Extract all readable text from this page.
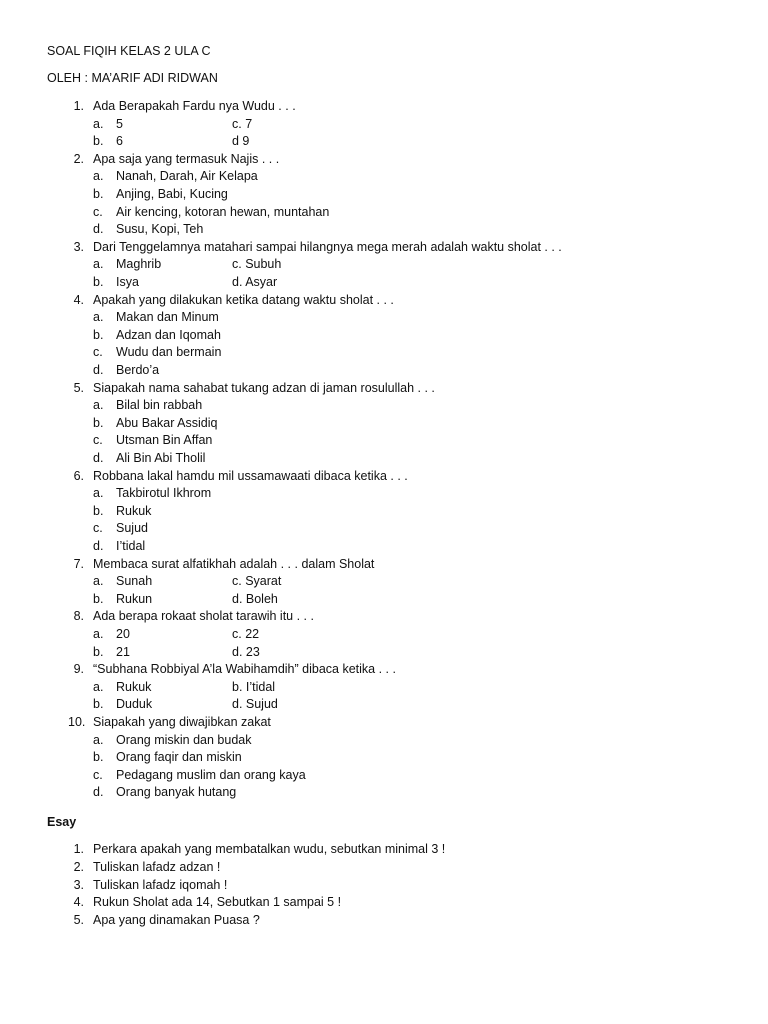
SOAL FIQIH KELAS 2 ULA C
OLEH : MA’ARIF ADI RIDWAN
1. Ada Berapakah Fardu nya Wudu . . .
a. 5	c. 7
b. 6	d 9
2. Apa saja yang termasuk Najis . . .
a. Nanah, Darah, Air Kelapa
b. Anjing, Babi, Kucing
c. Air kencing, kotoran hewan, muntahan
d. Susu, Kopi, Teh
3. Dari Tenggelamnya matahari sampai hilangnya mega merah adalah waktu sholat . . .
a. Maghrib	c. Subuh
b. Isya	d. Asyar
4. Apakah yang dilakukan ketika datang waktu sholat . . .
a. Makan dan Minum
b. Adzan dan Iqomah
c. Wudu dan bermain
d. Berdo’a
5. Siapakah nama sahabat tukang adzan di jaman rosulullah . . .
a. Bilal bin rabbah
b. Abu Bakar Assidiq
c. Utsman Bin Affan
d. Ali Bin Abi Tholil
6. Robbana lakal hamdu mil ussamawaati dibaca ketika . . .
a. Takbirotul Ikhrom
b. Rukuk
c. Sujud
d. I’tidal
7. Membaca surat alfatikhah adalah . . . dalam Sholat
a. Sunah	c. Syarat
b. Rukun	d. Boleh
8. Ada berapa rokaat sholat tarawih itu . . .
a. 20	c. 22
b. 21	d. 23
9. “Subhana Robbiyal A’la Wabihamdih” dibaca ketika . . .
a. Rukuk	b. I’tidal
b. Duduk	d. Sujud
10. Siapakah yang diwajibkan zakat
a. Orang miskin dan budak
b. Orang faqir dan miskin
c. Pedagang muslim dan orang kaya
d. Orang banyak hutang
Esay
1. Perkara apakah yang membatalkan wudu, sebutkan minimal 3 !
2. Tuliskan lafadz adzan !
3. Tuliskan lafadz iqomah !
4. Rukun Sholat ada 14, Sebutkan 1 sampai 5 !
5. Apa yang dinamakan Puasa ?
